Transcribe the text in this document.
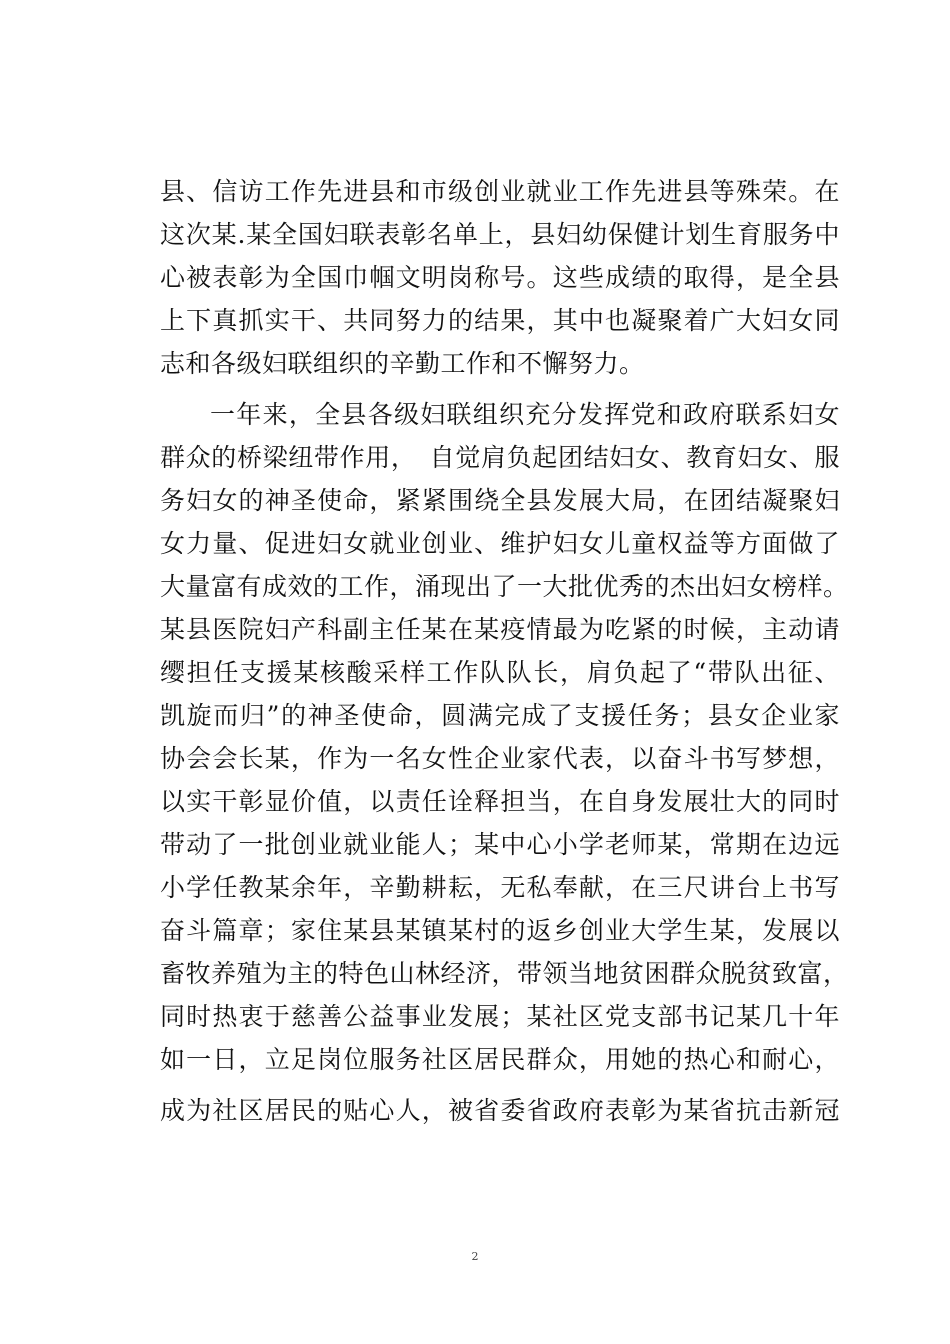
县、信访工作先进县和市级创业就业工作先进县等殊荣。在
这次某.某全国妇联表彰名单上，县妇幼保健计划生育服务中
心被表彰为全国巾帼文明岗称号。这些成绩的取得，是全县
上下真抓实干、共同努力的结果，其中也凝聚着广大妇女同
志和各级妇联组织的辛勤工作和不懈努力。
一年来，全县各级妇联组织充分发挥党和政府联系妇女
群众的桥梁纽带作用，　自觉肩负起团结妇女、教育妇女、服
务妇女的神圣使命，紧紧围绕全县发展大局，在团结凝聚妇
女力量、促进妇女就业创业、维护妇女儿童权益等方面做了
大量富有成效的工作，涌现出了一大批优秀的杰出妇女榜样。
某县医院妇产科副主任某在某疫情最为吃紧的时候，主动请
缨担任支援某核酸采样工作队队长，肩负起了“带队出征、
凯旋而归”的神圣使命，圆满完成了支援任务；县女企业家
协会会长某，作为一名女性企业家代表，以奋斗书写梦想，
以实干彰显价值，以责任诠释担当，在自身发展壮大的同时
带动了一批创业就业能人；某中心小学老师某，常期在边远
小学任教某余年，辛勤耕耘，无私奉献，在三尺讲台上书写
奋斗篇章；家住某县某镇某村的返乡创业大学生某，发展以
畜牧养殖为主的特色山林经济，带领当地贫困群众脱贫致富，
同时热衷于慈善公益事业发展；某社区党支部书记某几十年
如一日，立足岗位服务社区居民群众，用她的热心和耐心，
成为社区居民的贴心人，被省委省政府表彰为某省抗击新冠
2
